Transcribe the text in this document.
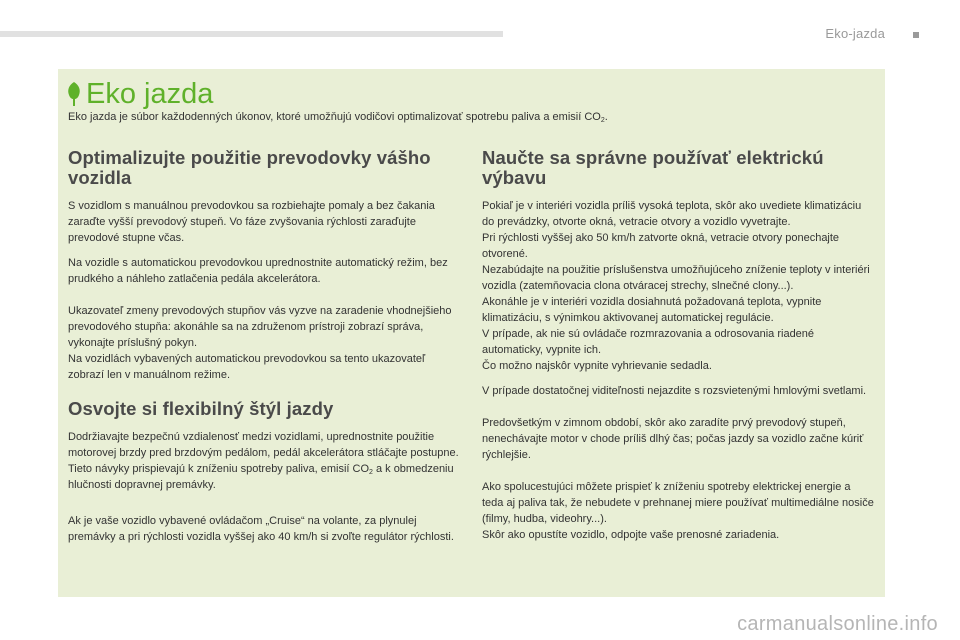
Eko-jazda
Eko jazda

Eko jazda je súbor každodenných úkonov, ktoré umožňujú vodičovi optimalizovať spotrebu paliva a emisií $CO_2$.

Optimalizujte použitie prevodovky vášho vozidla

S vozidlom s manuálnou prevodovkou sa rozbiehajte pomaly a bez čakania zaraďte vyšší prevodový stupeň. Vo fáze zvyšovania rýchlosti zaraďujte prevodové stupne včas.

Na vozidle s automatickou prevodovkou uprednostnite automatický režim, bez prudkého a náhleho zatlačenia pedála akcelerátora.

Ukazovateľ zmeny prevodových stupňov vás vyzve na zaradenie vhodnejšieho prevodového stupňa: akonáhle sa na združenom prístroji zobrazí správa, vykonajte príslušný pokyn.
Na vozidlách vybavených automatickou prevodovkou sa tento ukazovateľ zobrazí len v manuálnom režime.

Osvojte si flexibilný štýl jazdy

Dodržiavajte bezpečnú vzdialenosť medzi vozidlami, uprednostnite použitie motorovej brzdy pred brzdovým pedálom, pedál akcelerátora stláčajte postupne. Tieto návyky prispievajú k zníženiu spotreby paliva, emisií $CO_2$ a k obmedzeniu hlučnosti dopravnej premávky.

Ak je vaše vozidlo vybavené ovládačom „Cruise“ na volante, za plynulej premávky a pri rýchlosti vozidla vyššej ako 40 km/h si zvoľte regulátor rýchlosti.

Naučte sa správne používať elektrickú výbavu

Pokiaľ je v interiéri vozidla príliš vysoká teplota, skôr ako uvediete klimatizáciu do prevádzky, otvorte okná, vetracie otvory a vozidlo vyvetrajte.
Pri rýchlosti vyššej ako 50 km/h zatvorte okná, vetracie otvory ponechajte otvorené.
Nezabúdajte na použitie príslušenstva umožňujúceho zníženie teploty v interiéri vozidla (zatemňovacia clona otváracej strechy, slnečné clony...).
Akonáhle je v interiéri vozidla dosiahnutá požadovaná teplota, vypnite klimatizáciu, s výnimkou aktivovanej automatickej regulácie.
V prípade, ak nie sú ovládače rozmrazovania a odrosovania riadené automaticky, vypnite ich.
Čo možno najskôr vypnite vyhrievanie sedadla.

V prípade dostatočnej viditeľnosti nejazdite s rozsvietenými hmlovými svetlami.

Predovšetkým v zimnom období, skôr ako zaradíte prvý prevodový stupeň, nenechávajte motor v chode príliš dlhý čas; počas jazdy sa vozidlo začne kúriť rýchlejšie.

Ako spolucestujúci môžete prispieť k zníženiu spotreby elektrickej energie a teda aj paliva tak, že nebudete v prehnanej miere používať multimediálne nosiče (filmy, hudba, videohry...).
Skôr ako opustíte vozidlo, odpojte vaše prenosné zariadenia.

carmanualsonline.info
